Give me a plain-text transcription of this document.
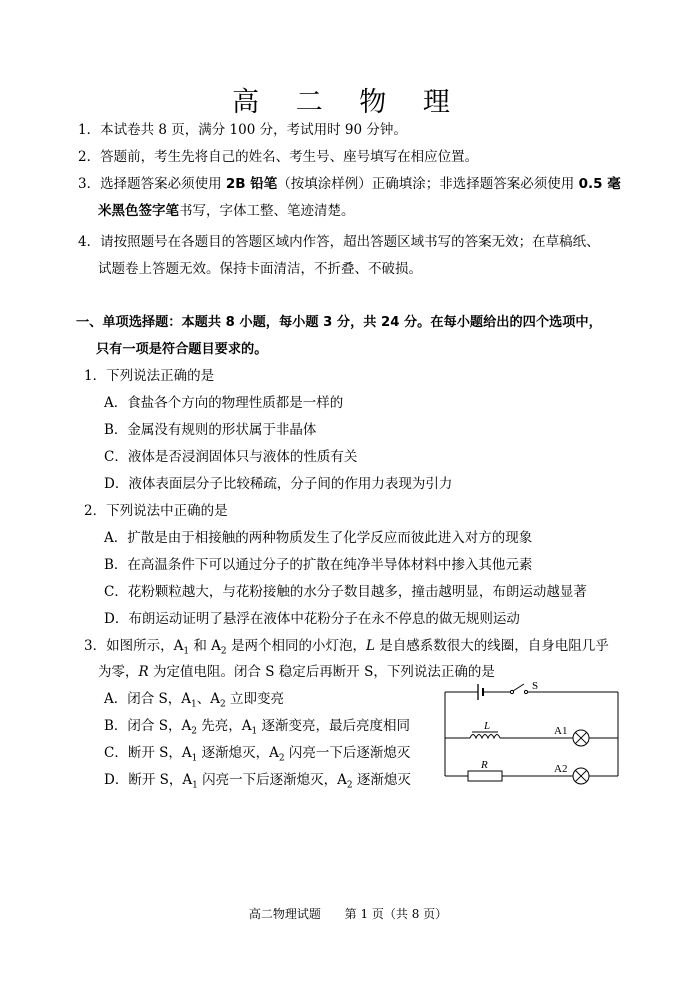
高 二 物 理
1．本试卷共 8 页，满分 100 分，考试用时 90 分钟。
2．答题前，考生先将自己的姓名、考生号、座号填写在相应位置。
3．选择题答案必须使用 2B 铅笔（按填涂样例）正确填涂；非选择题答案必须使用 0.5 毫
米黑色签字笔书写，字体工整、笔迹清楚。
4．请按照题号在各题目的答题区域内作答，超出答题区域书写的答案无效；在草稿纸、
试题卷上答题无效。保持卡面清洁，不折叠、不破损。
一、单项选择题：本题共 8 小题，每小题 3 分，共 24 分。在每小题给出的四个选项中，
只有一项是符合题目要求的。
1．下列说法正确的是
A．食盐各个方向的物理性质都是一样的
B．金属没有规则的形状属于非晶体
C．液体是否浸润固体只与液体的性质有关
D．液体表面层分子比较稀疏，分子间的作用力表现为引力
2．下列说法中正确的是
A．扩散是由于相接触的两种物质发生了化学反应而彼此进入对方的现象
B．在高温条件下可以通过分子的扩散在纯净半导体材料中掺入其他元素
C．花粉颗粒越大，与花粉接触的水分子数目越多，撞击越明显，布朗运动越显著
D．布朗运动证明了悬浮在液体中花粉分子在永不停息的做无规则运动
3．如图所示，$A_1$ 和 $A_2$ 是两个相同的小灯泡，L 是自感系数很大的线圈，自身电阻几乎
为零，R 为定值电阻。闭合 S 稳定后再断开 S，下列说法正确的是
A．闭合 S，$A_1$、$A_2$ 立即变亮
B．闭合 S，$A_2$ 先亮，$A_1$ 逐渐变亮，最后亮度相同
C．断开 S，$A_1$ 逐渐熄灭，$A_2$ 闪亮一下后逐渐熄灭
D．断开 S，$A_1$ 闪亮一下后逐渐熄灭，$A_2$ 逐渐熄灭
S
L
R
A1
A2
高二物理试题 第 1 页（共 8 页）
